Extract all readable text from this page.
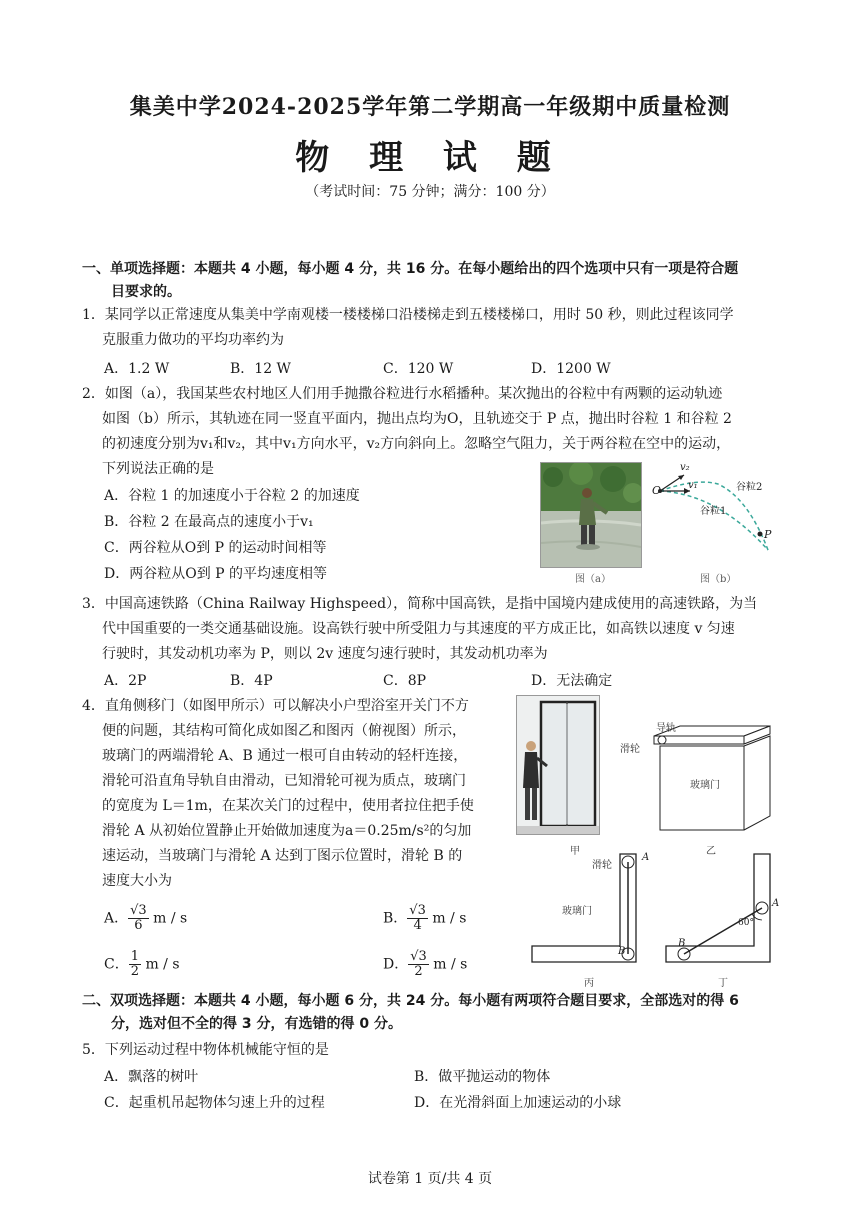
集美中学2024-2025学年第二学期高一年级期中质量检测
物 理 试 题
（考试时间：75 分钟；满分：100 分）
一、单项选择题：本题共 4 小题，每小题 4 分，共 16 分。在每小题给出的四个选项中只有一项是符合题
目要求的。
1．某同学以正常速度从集美中学南观楼一楼楼梯口沿楼梯走到五楼楼梯口，用时 50 秒，则此过程该同学
克服重力做功的平均功率约为
A．1.2 W	B．12 W	C．120 W	D．1200 W
2．如图（a），我国某些农村地区人们用手抛撒谷粒进行水稻播种。某次抛出的谷粒中有两颗的运动轨迹
如图（b）所示，其轨迹在同一竖直平面内，抛出点均为O，且轨迹交于 P 点，抛出时谷粒 1 和谷粒 2
的初速度分别为v₁和v₂，其中v₁方向水平，v₂方向斜向上。忽略空气阻力，关于两谷粒在空中的运动，
下列说法正确的是
A．谷粒 1 的加速度小于谷粒 2 的加速度
B．谷粒 2 在最高点的速度小于v₁
C．两谷粒从O到 P 的运动时间相等
D．两谷粒从O到 P 的平均速度相等	图（a）
O
v₂
v₁	谷粒2
谷粒1
P
图（b）
3．中国高速铁路（China Railway Highspeed），简称中国高铁，是指中国境内建成使用的高速铁路，为当
代中国重要的一类交通基础设施。设高铁行驶中所受阻力与其速度的平方成正比，如高铁以速度 v 匀速
行驶时，其发动机功率为 P，则以 2v 速度匀速行驶时，其发动机功率为
A．2P	B．4P	C．8P	D．无法确定
4．直角侧移门（如图甲所示）可以解决小户型浴室开关门不方
便的问题，其结构可简化成如图乙和图丙（俯视图）所示，
玻璃门的两端滑轮 A、B 通过一根可自由转动的轻杆连接，
滑轮可沿直角导轨自由滑动，已知滑轮可视为质点，玻璃门
的宽度为 L＝1m，在某次关门的过程中，使用者拉住把手使
滑轮 A 从初始位置静止开始做加速度为a＝0.25m/s²的匀加
速运动，当玻璃门与滑轮 A 达到丁图示位置时，滑轮 B 的
速度大小为
A． $\frac{√3}{6}$ m / s	B． $\frac{√3}{4}$ m / s
C． $\frac{1}{2}$ m / s	D． $\frac{√3}{2}$ m / s
甲
导轨
滑轮
玻璃门
乙
滑轮
玻璃门
A
B
丙
A
B
60°
丁
二、双项选择题：本题共 4 小题，每小题 6 分，共 24 分。每小题有两项符合题目要求，全部选对的得 6
分，选对但不全的得 3 分，有选错的得 0 分。
5．下列运动过程中物体机械能守恒的是
A．飘落的树叶	B．做平抛运动的物体
C．起重机吊起物体匀速上升的过程	D．在光滑斜面上加速运动的小球
试卷第 1 页/共 4 页
